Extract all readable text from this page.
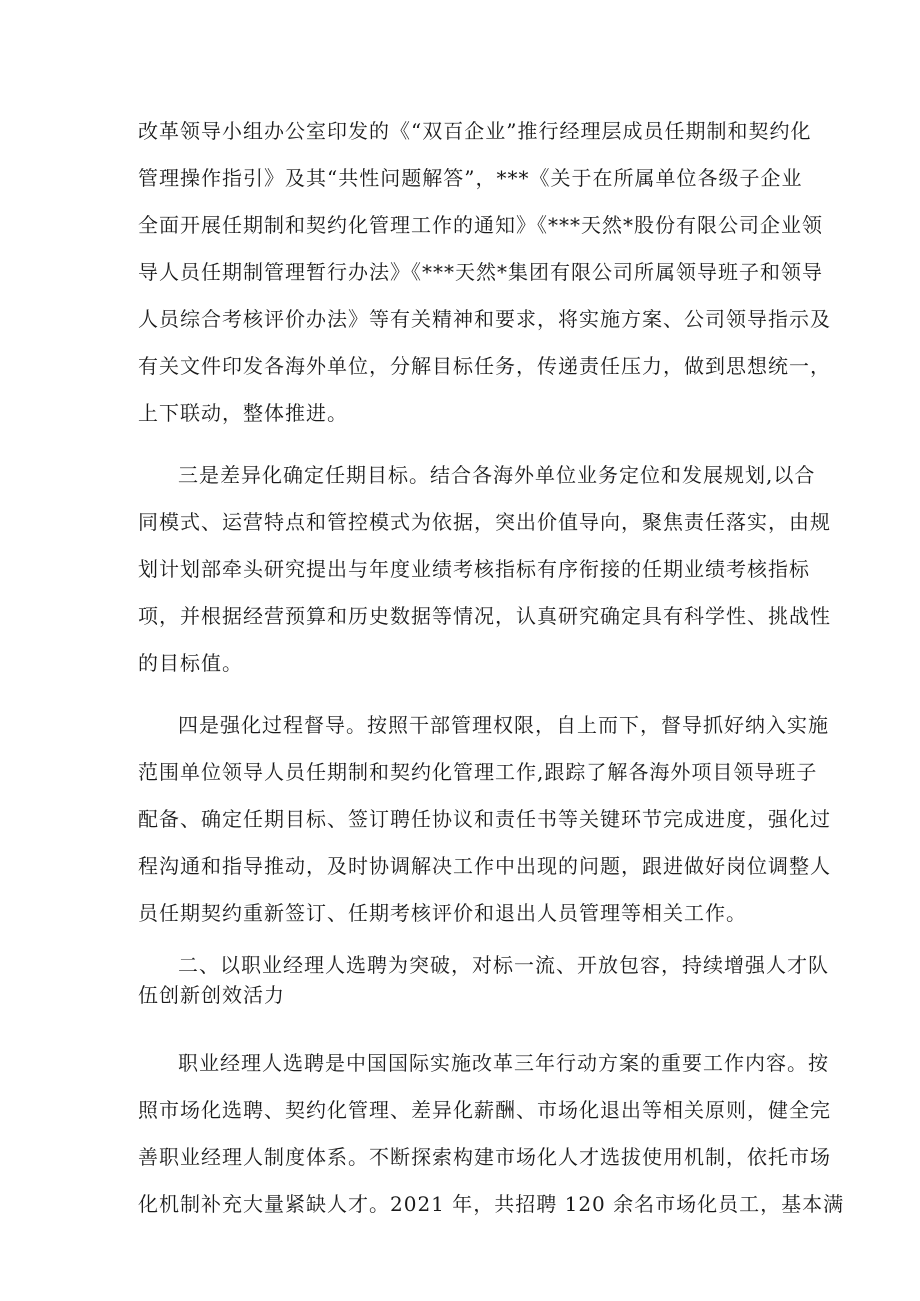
改革领导小组办公室印发的《“双百企业”推行经理层成员任期制和契约化
管理操作指引》及其“共性问题解答”，***《关于在所属单位各级子企业
全面开展任期制和契约化管理工作的通知》《***天然*股份有限公司企业领
导人员任期制管理暂行办法》《***天然*集团有限公司所属领导班子和领导
人员综合考核评价办法》等有关精神和要求，将实施方案、公司领导指示及
有关文件印发各海外单位，分解目标任务，传递责任压力，做到思想统一，
上下联动，整体推进。
三是差异化确定任期目标。结合各海外单位业务定位和发展规划,以合
同模式、运营特点和管控模式为依据，突出价值导向，聚焦责任落实，由规
划计划部牵头研究提出与年度业绩考核指标有序衔接的任期业绩考核指标
项，并根据经营预算和历史数据等情况，认真研究确定具有科学性、挑战性
的目标值。
四是强化过程督导。按照干部管理权限，自上而下，督导抓好纳入实施
范围单位领导人员任期制和契约化管理工作,跟踪了解各海外项目领导班子
配备、确定任期目标、签订聘任协议和责任书等关键环节完成进度，强化过
程沟通和指导推动，及时协调解决工作中出现的问题，跟进做好岗位调整人
员任期契约重新签订、任期考核评价和退出人员管理等相关工作。
二、以职业经理人选聘为突破，对标一流、开放包容，持续增强人才队
伍创新创效活力
职业经理人选聘是中国国际实施改革三年行动方案的重要工作内容。按
照市场化选聘、契约化管理、差异化薪酬、市场化退出等相关原则，健全完
善职业经理人制度体系。不断探索构建市场化人才选拔使用机制，依托市场
化机制补充大量紧缺人才。2021 年，共招聘 120 余名市场化员工，基本满
